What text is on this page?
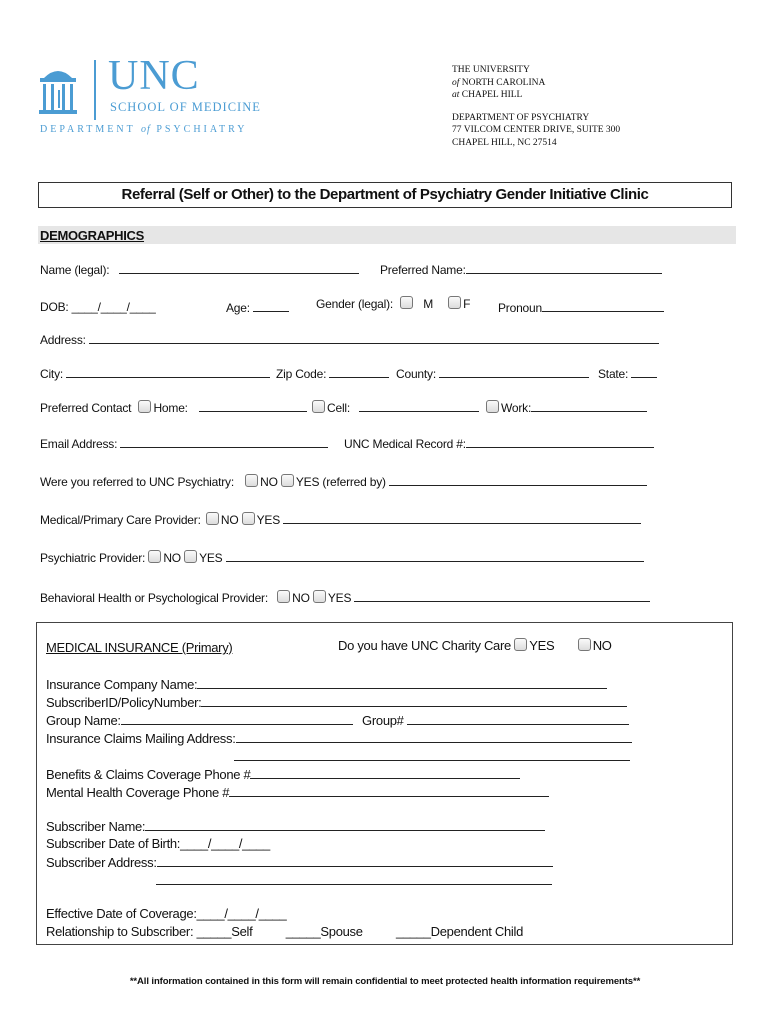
UNC
SCHOOL OF MEDICINE
DEPARTMENT of PSYCHIATRY
THE UNIVERSITY
of NORTH CAROLINA
at CHAPEL HILL
DEPARTMENT OF PSYCHIATRY
77 VILCOM CENTER DRIVE, SUITE 300
CHAPEL HILL, NC 27514
Referral (Self or Other) to the Department of Psychiatry Gender Initiative Clinic
DEMOGRAPHICS
Name (legal):	Preferred Name:
DOB: ____/____/____	Age:	Gender (legal):	M	F Pronoun
Address:
City:	Zip Code:	County:	State:
Preferred Contact Home:	Cell:	Work:
Email Address:	UNC Medical Record #:
Were you referred to UNC Psychiatry: NO YES (referred by)
Medical/Primary Care Provider: NO YES
Psychiatric Provider: NO YES
Behavioral Health or Psychological Provider: NO YES
MEDICAL INSURANCE (Primary)	Do you have UNC Charity Care YES	NO
Insurance Company Name:
SubscriberID/PolicyNumber:
Group Name:	Group#
Insurance Claims Mailing Address:
Benefits & Claims Coverage Phone #
Mental Health Coverage Phone #
Subscriber Name:
Subscriber Date of Birth:____/____/____
Subscriber Address:
Effective Date of Coverage:____/____/____
Relationship to Subscriber: _____Self	_____Spouse	_____Dependent Child
**All information contained in this form will remain confidential to meet protected health information requirements**
